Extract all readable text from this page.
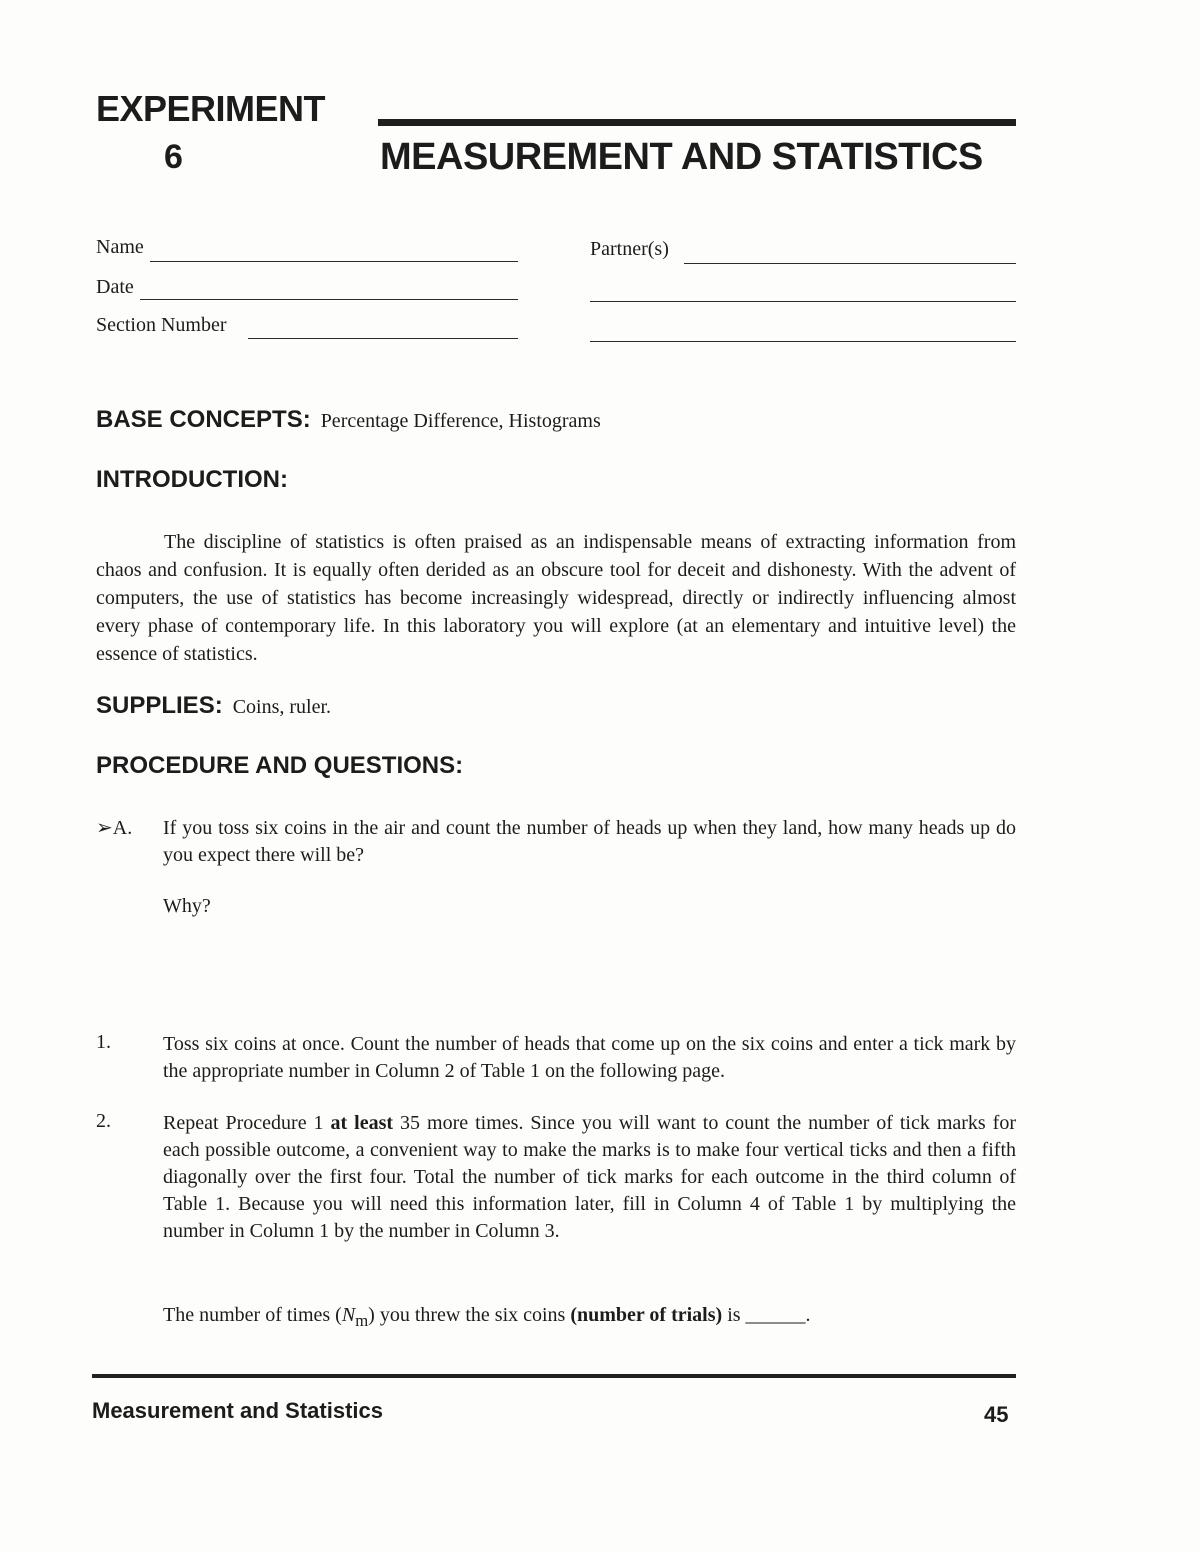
EXPERIMENT
6	MEASUREMENT AND STATISTICS
Name
Date
Section Number
Partner(s)
BASE CONCEPTS: Percentage Difference, Histograms
INTRODUCTION:
The discipline of statistics is often praised as an indispensable means of extracting information from chaos and confusion. It is equally often derided as an obscure tool for deceit and dishonesty. With the advent of computers, the use of statistics has become increasingly widespread, directly or indirectly influencing almost every phase of contemporary life. In this laboratory you will explore (at an elementary and intuitive level) the essence of statistics.
SUPPLIES: Coins, ruler.
PROCEDURE AND QUESTIONS:
➢A. If you toss six coins in the air and count the number of heads up when they land, how many heads up do you expect there will be?
Why?
1.	Toss six coins at once. Count the number of heads that come up on the six coins and enter a tick mark by the appropriate number in Column 2 of Table 1 on the following page.
2.	Repeat Procedure 1 at least 35 more times. Since you will want to count the number of tick marks for each possible outcome, a convenient way to make the marks is to make four vertical ticks and then a fifth diagonally over the first four. Total the number of tick marks for each outcome in the third column of Table 1. Because you will need this information later, fill in Column 4 of Table 1 by multiplying the number in Column 1 by the number in Column 3.
The number of times $(N_m)$ you threw the six coins (number of trials) is ______.
Measurement and Statistics	45
